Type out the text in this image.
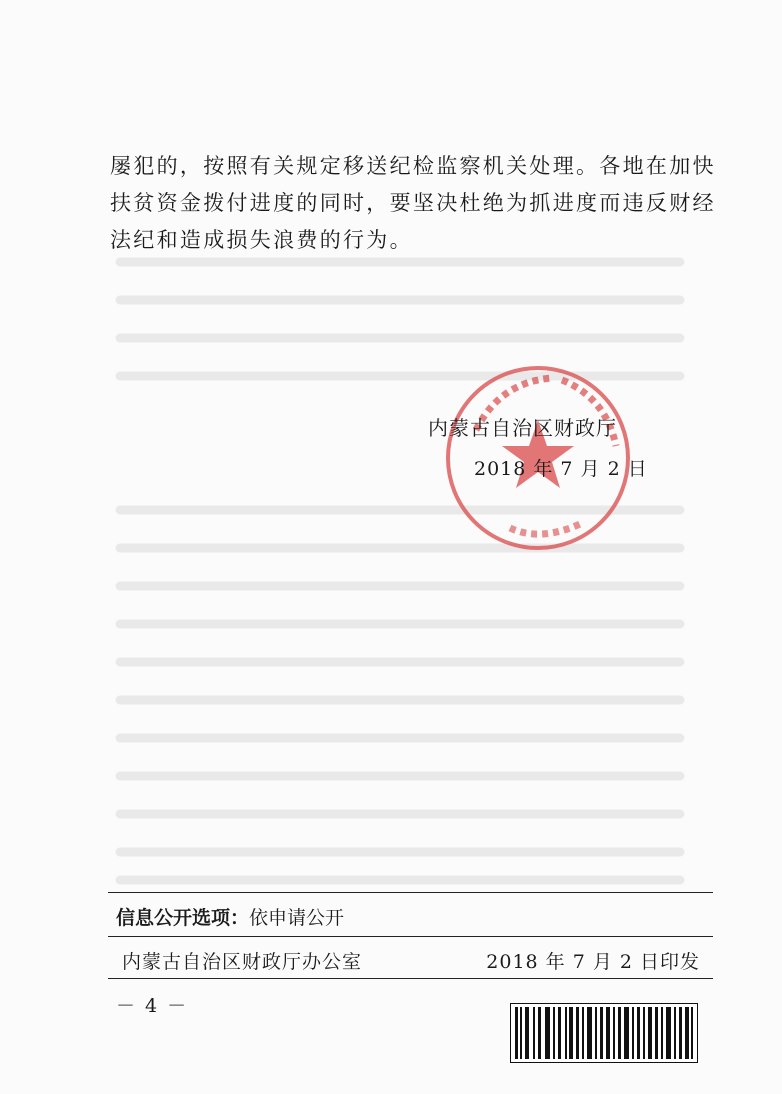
屡犯的，按照有关规定移送纪检监察机关处理。各地在加快

扶贫资金拨付进度的同时，要坚决杜绝为抓进度而违反财经

法纪和造成损失浪费的行为。

内蒙古自治区财政厅
2018 年 7 月 2 日
信息公开选项：依申请公开
内蒙古自治区财政厅办公室	2018 年 7 月 2 日印发
－ 4 －
